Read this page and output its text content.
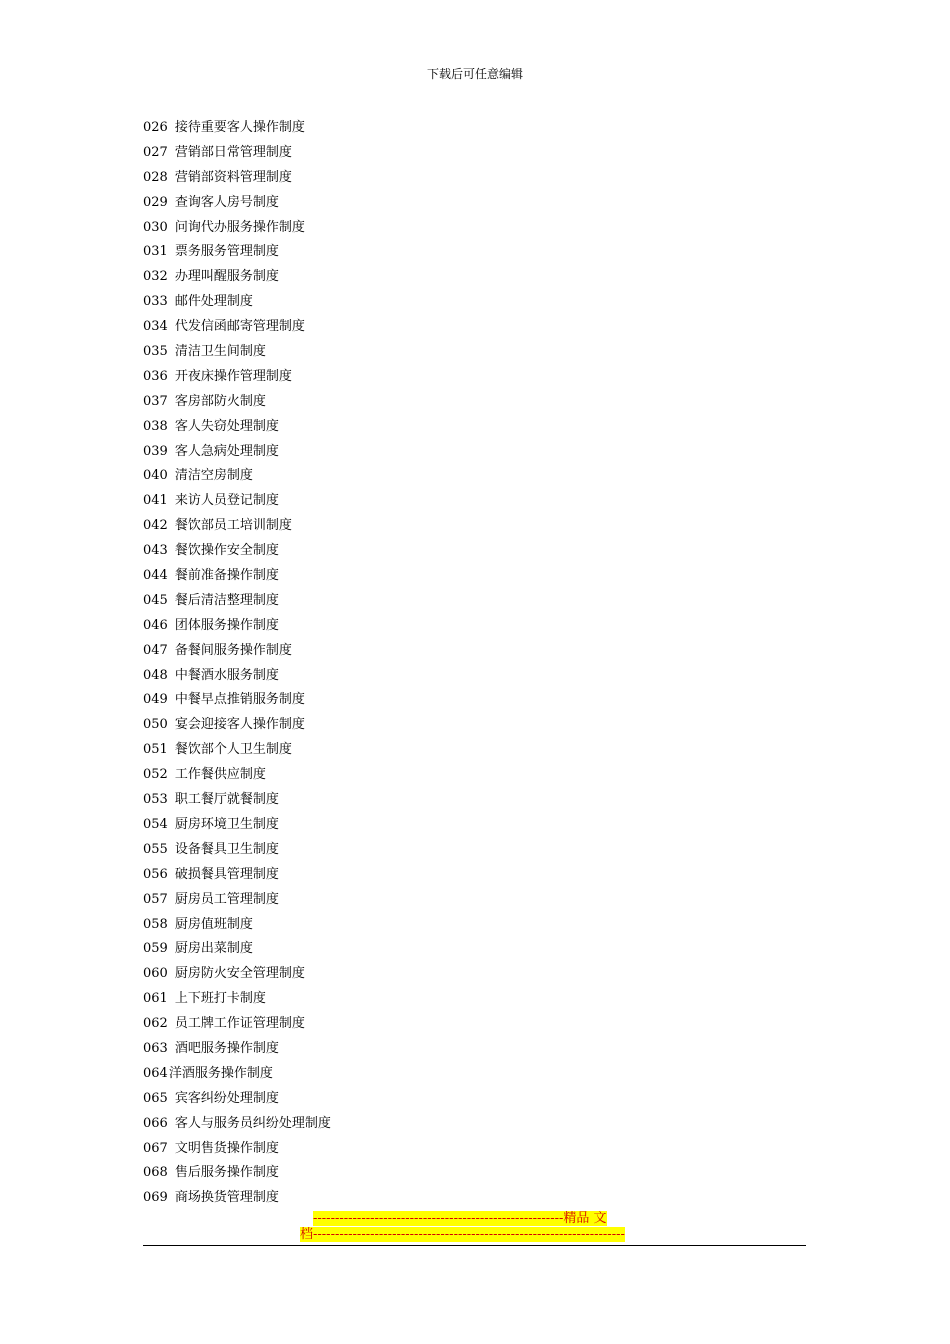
下载后可任意编辑
026 接待重要客人操作制度
027 营销部日常管理制度
028 营销部资料管理制度
029 查询客人房号制度
030 问询代办服务操作制度
031 票务服务管理制度
032 办理叫醒服务制度
033 邮件处理制度
034 代发信函邮寄管理制度
035 清洁卫生间制度
036 开夜床操作管理制度
037 客房部防火制度
038 客人失窃处理制度
039 客人急病处理制度
040 清洁空房制度
041 来访人员登记制度
042 餐饮部员工培训制度
043 餐饮操作安全制度
044 餐前准备操作制度
045 餐后清洁整理制度
046 团体服务操作制度
047 备餐间服务操作制度
048 中餐酒水服务制度
049 中餐早点推销服务制度
050 宴会迎接客人操作制度
051 餐饮部个人卫生制度
052 工作餐供应制度
053 职工餐厅就餐制度
054 厨房环境卫生制度
055 设备餐具卫生制度
056 破损餐具管理制度
057 厨房员工管理制度
058 厨房值班制度
059 厨房出菜制度
060 厨房防火安全管理制度
061 上下班打卡制度
062 员工牌工作证管理制度
063 酒吧服务操作制度
064洋酒服务操作制度
065 宾客纠纷处理制度
066 客人与服务员纠纷处理制度
067 文明售货操作制度
068 售后服务操作制度
069 商场换货管理制度
---------------------------------------------------------精品 文
档-----------------------------------------------------------------------
